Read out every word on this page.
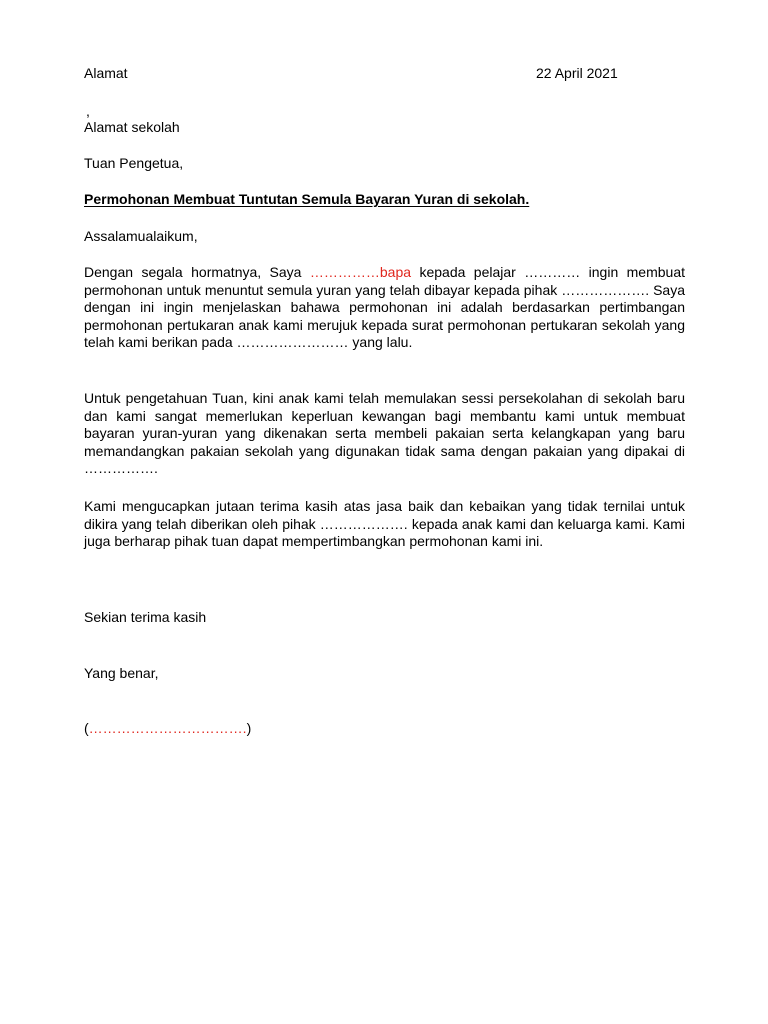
Alamat	22 April 2021
,
Alamat sekolah
Tuan Pengetua,
Permohonan Membuat Tuntutan Semula Bayaran Yuran di sekolah.
Assalamualaikum,
Dengan segala hormatnya, Saya ……………bapa kepada pelajar ………… ingin membuat permohonan untuk menuntut semula yuran yang telah dibayar kepada pihak ………………. Saya dengan ini ingin menjelaskan bahawa permohonan ini adalah berdasarkan pertimbangan permohonan pertukaran anak kami merujuk kepada surat permohonan pertukaran sekolah yang telah kami berikan pada …………………… yang lalu.
Untuk pengetahuan Tuan, kini anak kami telah memulakan sessi persekolahan di sekolah baru dan kami sangat memerlukan keperluan kewangan bagi membantu kami untuk membuat bayaran yuran-yuran yang dikenakan serta membeli pakaian serta kelangkapan yang baru memandangkan pakaian sekolah yang digunakan tidak sama dengan pakaian yang dipakai di …………….
Kami mengucapkan jutaan terima kasih atas jasa baik dan kebaikan yang tidak ternilai untuk dikira yang telah diberikan oleh pihak ………………. kepada anak kami dan keluarga kami. Kami juga berharap pihak tuan dapat mempertimbangkan permohonan kami ini.
Sekian terima kasih
Yang benar,
(…………………………….)
